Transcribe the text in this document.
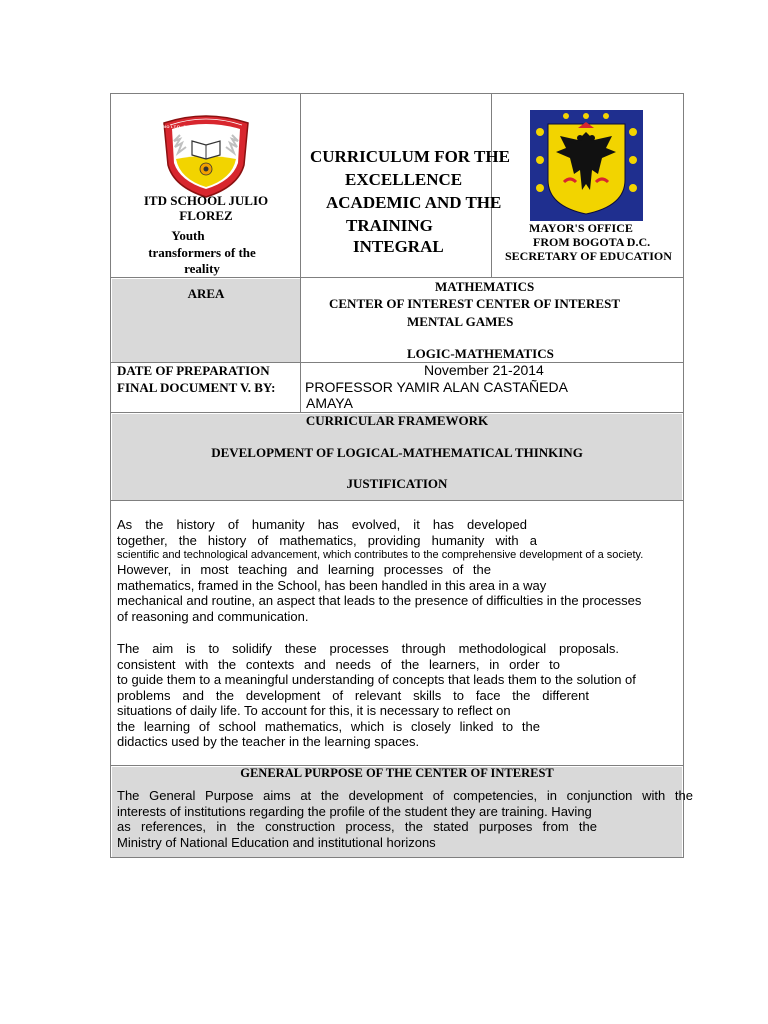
COLEGIO I.T.D. JULIO FLOREZ
ITD SCHOOL JULIO
FLOREZ
Youth
transformers of the
reality
CURRICULUM FOR THE
EXCELLENCE
ACADEMIC AND THE
TRAINING
INTEGRAL
MAYOR'S OFFICE
FROM BOGOTA D.C.
SECRETARY OF EDUCATION
AREA	MATHEMATICS
CENTER OF INTEREST CENTER OF INTEREST
MENTAL GAMES
LOGIC-MATHEMATICS
DATE OF PREPARATION
FINAL DOCUMENT V. BY:
November 21-2014
PROFESSOR YAMIR ALAN CASTAÑEDA
AMAYA
CURRICULAR FRAMEWORK
DEVELOPMENT OF LOGICAL-MATHEMATICAL THINKING
JUSTIFICATION
As the history of humanity has evolved, it has developed
together, the history of mathematics, providing humanity with a
scientific and technological advancement, which contributes to the comprehensive development of a society.
However, in most teaching and learning processes of the
mathematics, framed in the School, has been handled in this area in a way
mechanical and routine, an aspect that leads to the presence of difficulties in the processes
of reasoning and communication.
The aim is to solidify these processes through methodological proposals.
consistent with the contexts and needs of the learners, in order to
to guide them to a meaningful understanding of concepts that leads them to the solution of
problems and the development of relevant skills to face the different
situations of daily life. To account for this, it is necessary to reflect on
the learning of school mathematics, which is closely linked to the
didactics used by the teacher in the learning spaces.
GENERAL PURPOSE OF THE CENTER OF INTEREST
The General Purpose aims at the development of competencies, in conjunction with the
interests of institutions regarding the profile of the student they are training. Having
as references, in the construction process, the stated purposes from the
Ministry of National Education and institutional horizons
